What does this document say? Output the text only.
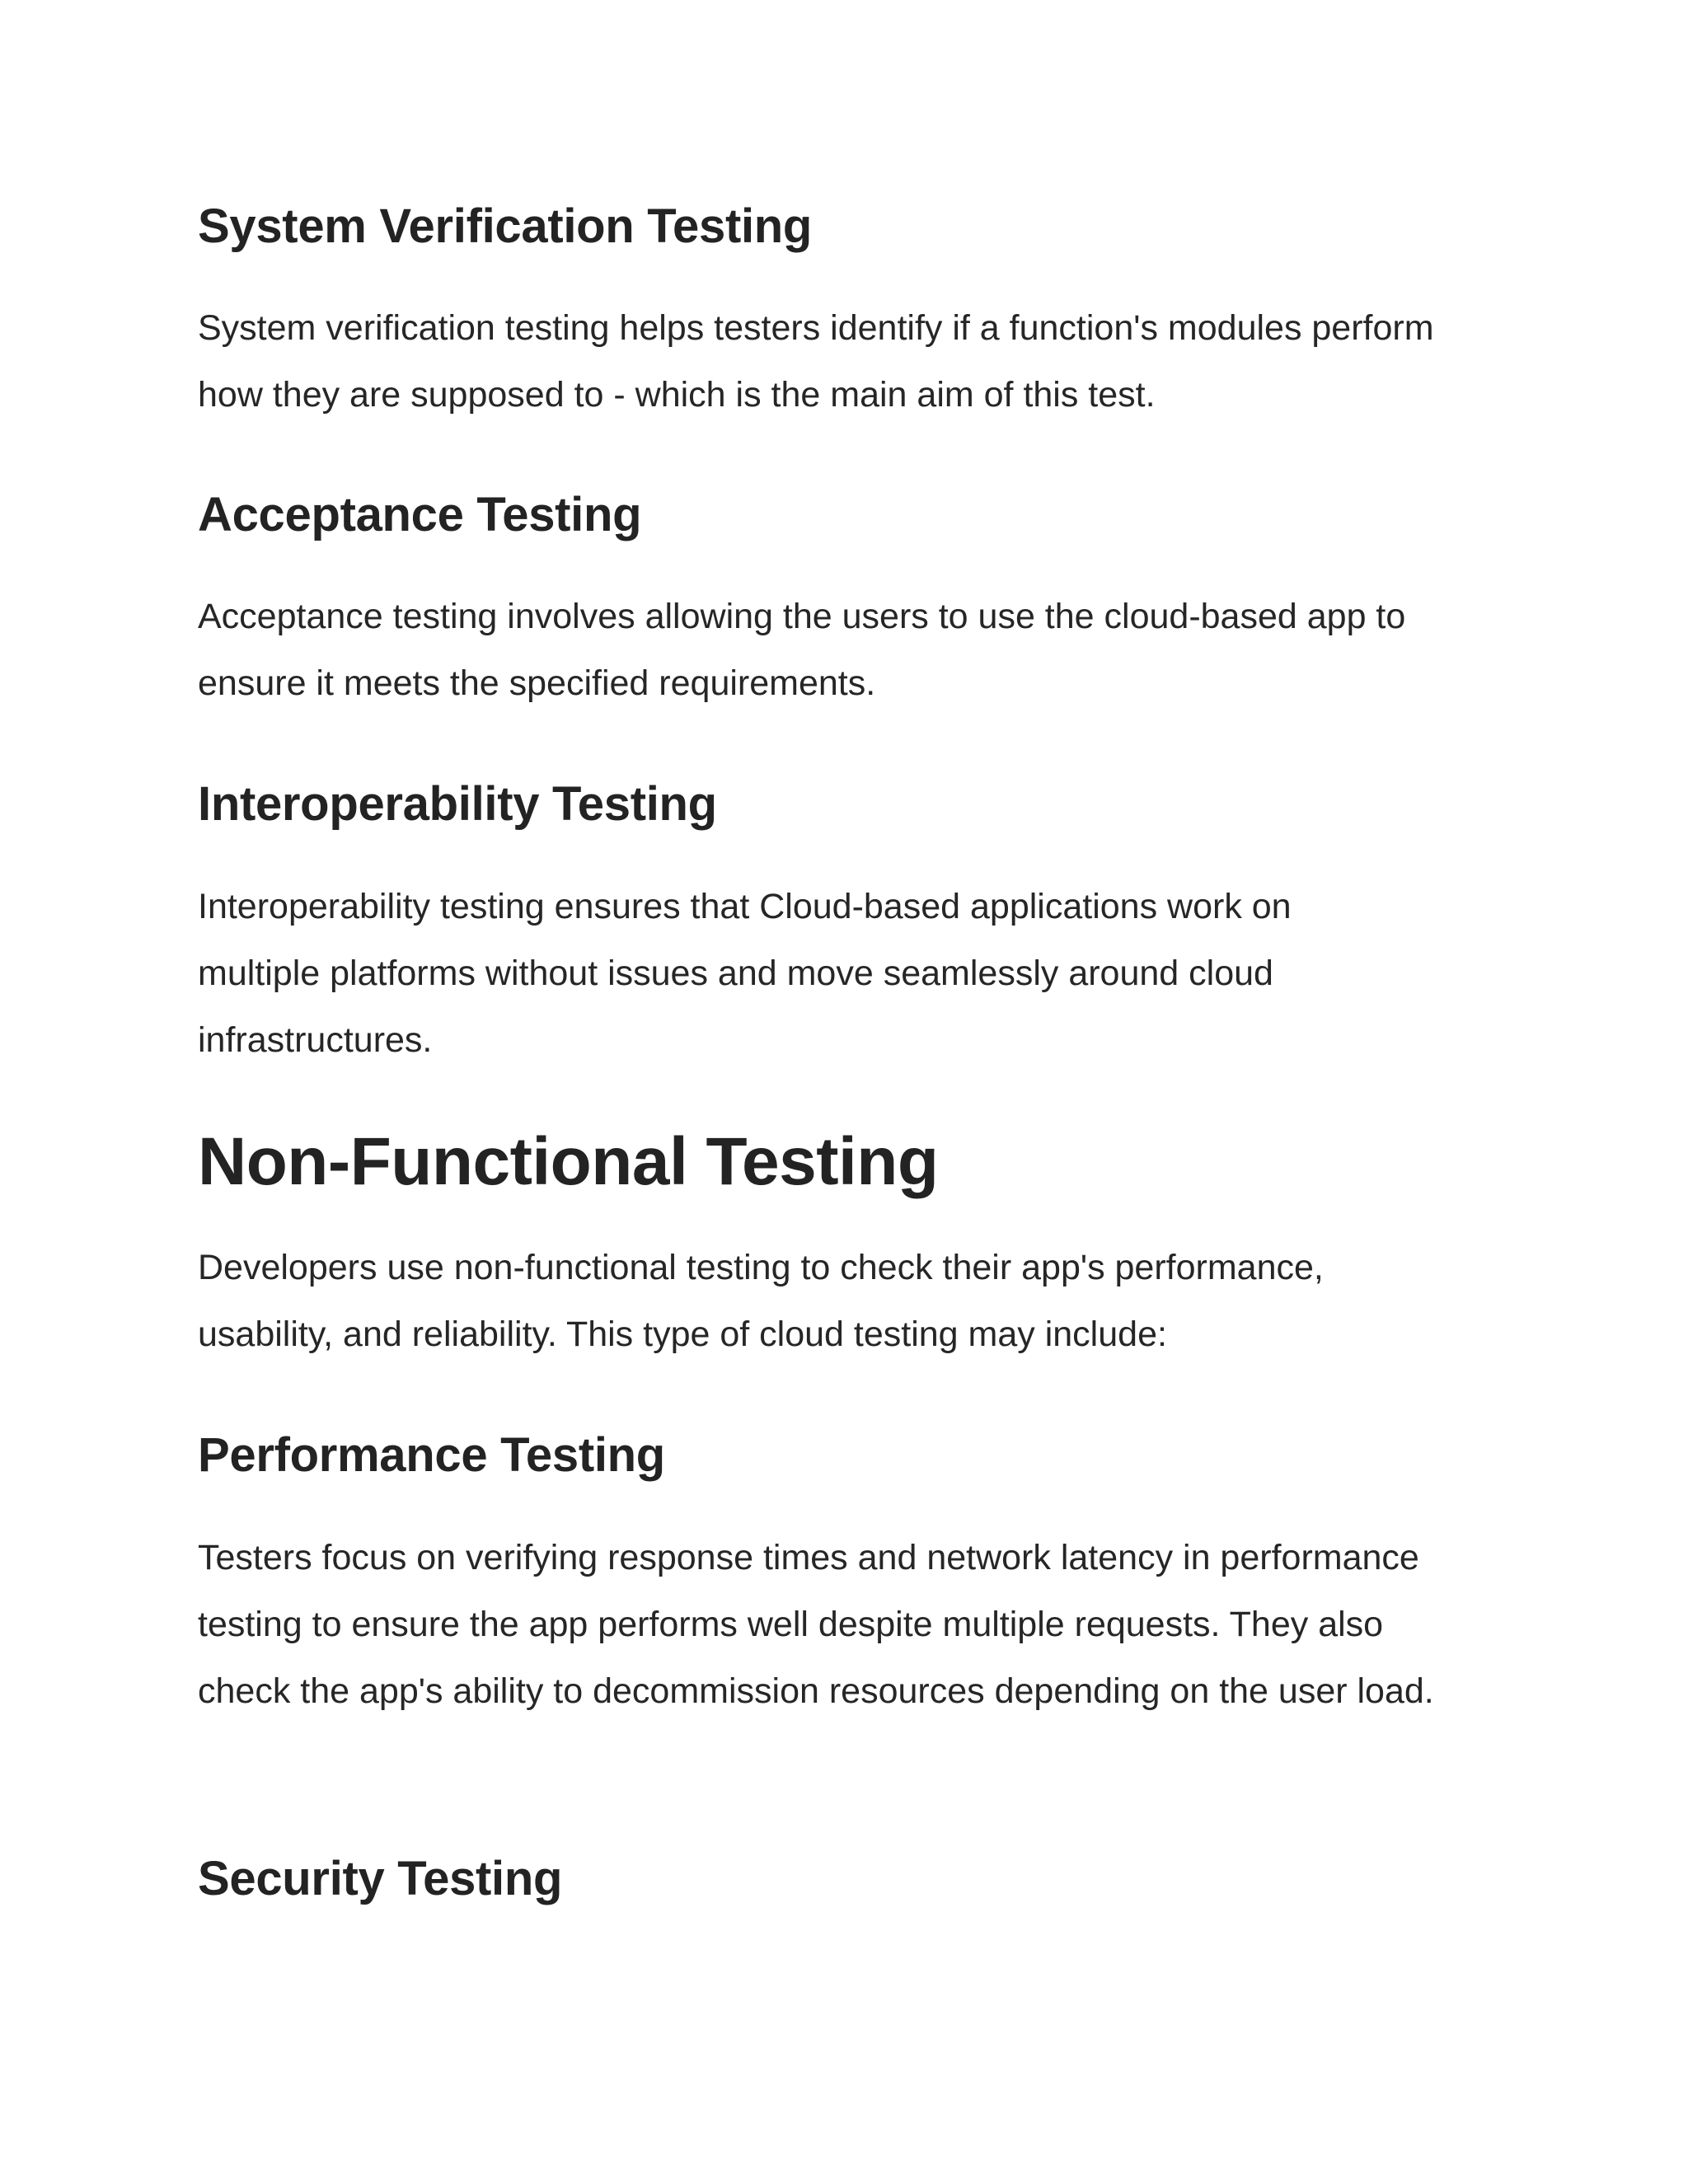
System Verification Testing

System verification testing helps testers identify if a function's modules perform how they are supposed to - which is the main aim of this test.

Acceptance Testing

Acceptance testing involves allowing the users to use the cloud-based app to ensure it meets the specified requirements.

Interoperability Testing

Interoperability testing ensures that Cloud-based applications work on multiple platforms without issues and move seamlessly around cloud infrastructures.

Non-Functional Testing

Developers use non-functional testing to check their app's performance, usability, and reliability. This type of cloud testing may include:

Performance Testing

Testers focus on verifying response times and network latency in performance testing to ensure the app performs well despite multiple requests. They also check the app's ability to decommission resources depending on the user load.

Security Testing
